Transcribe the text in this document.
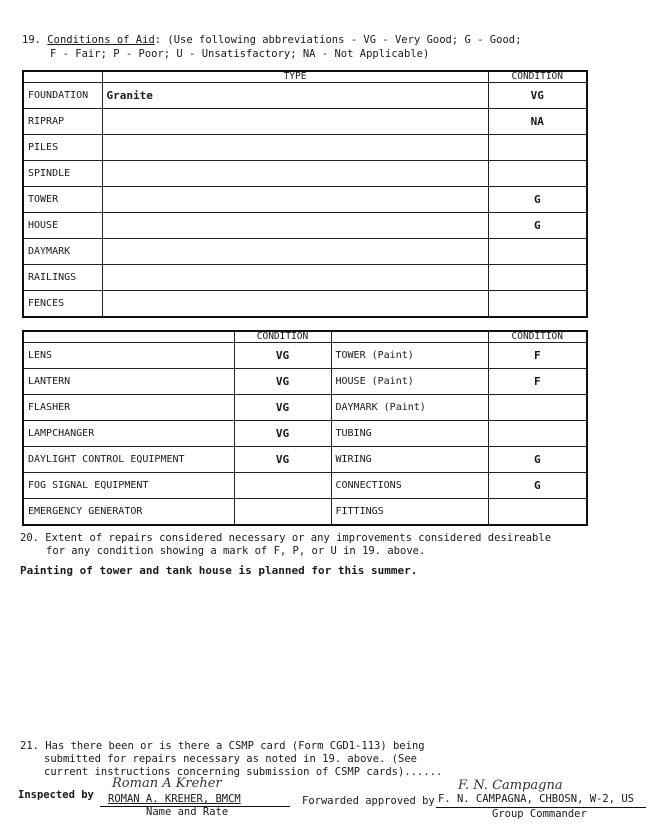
19. Conditions of Aid: (Use following abbreviations - VG - Very Good; G - Good;
F - Fair; P - Poor; U - Unsatisfactory; NA - Not Applicable)
	TYPE	CONDITION
FOUNDATION	Granite	VG
RIPRAP		NA
PILES		
SPINDLE		
TOWER		G
HOUSE		G
DAYMARK		
RAILINGS		
FENCES		
	CONDITION		CONDITION
LENS	VG	TOWER (Paint)	F
LANTERN	VG	HOUSE (Paint)	F
FLASHER	VG	DAYMARK (Paint)	
LAMPCHANGER	VG	TUBING	
DAYLIGHT CONTROL EQUIPMENT	VG	WIRING	G
FOG SIGNAL EQUIPMENT		CONNECTIONS	G
EMERGENCY GENERATOR		FITTINGS	
20. Extent of repairs considered necessary or any improvements considered desireable
for any condition showing a mark of F, P, or U in 19. above.
Painting of tower and tank house is planned for this summer.
21. Has there been or is there a CSMP card (Form CGD1-113) being
submitted for repairs necessary as noted in 19. above. (See
current instructions concerning submission of CSMP cards)......
Inspected by
Roman A Kreher
ROMAN A. KREHER, BMCM
Name and Rate
Forwarded approved by
F. N. Campagna
F. N. CAMPAGNA, CHBOSN, W-2, US
Group Commander
